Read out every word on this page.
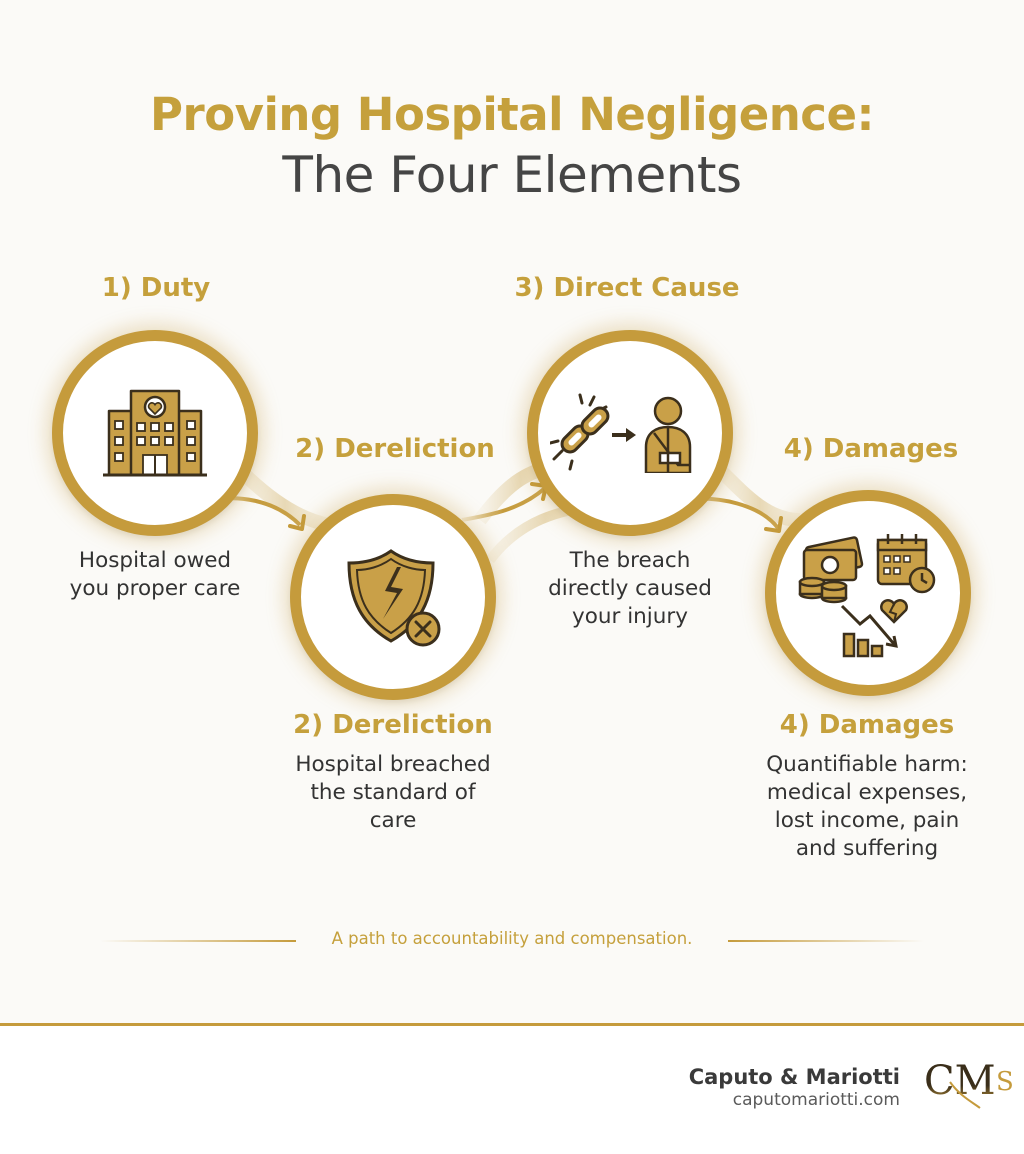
Proving Hospital Negligence:
The Four Elements
1) Duty
Hospital owed
you proper care
2) Dereliction
2) Dereliction
Hospital breached
the standard of
care
3) Direct Cause
The breach
directly caused
your injury
4) Damages
4) Damages
Quantifiable harm:
medical expenses,
lost income, pain
and suffering
A path to accountability and compensation.
Caputo & Mariotti
caputomariotti.com CM S
